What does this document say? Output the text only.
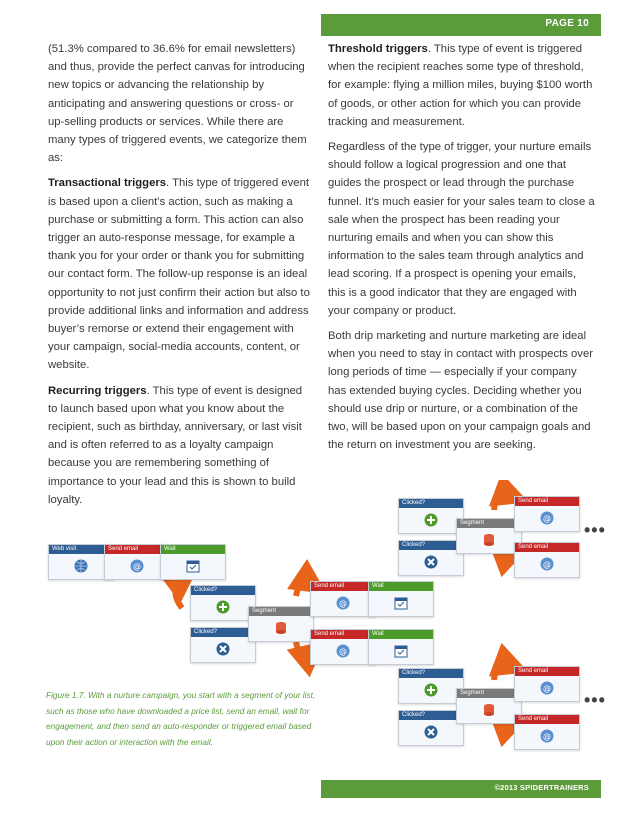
PAGE 10

(51.3% compared to 36.6% for email newsletters) and thus, provide the perfect canvas for introducing new topics or advancing the relationship by anticipating and answering questions or cross- or up-selling products or services. While there are many types of triggered events, we categorize them as:

Transactional triggers. This type of triggered event is based upon a client’s action, such as making a purchase or submitting a form. This action can also trigger an auto-response message, for example a thank you for your order or thank you for submitting our contact form. The follow-up response is an ideal opportunity to not just confirm their action but also to provide additional links and information and address buyer’s remorse or extend their engagement with your campaign, social-media accounts, content, or website.

Recurring triggers. This type of event is designed to launch based upon what you know about the recipient, such as birthday, anniversary, or last visit and is often referred to as a loyalty campaign because you are remembering something of importance to your lead and this is shown to build loyalty.

Threshold triggers. This type of event is triggered when the recipient reaches some type of threshold, for example: flying a million miles, buying $100 worth of goods, or other action for which you can provide tracking and measurement.

Regardless of the type of trigger, your nurture emails should follow a logical progression and one that guides the prospect or lead through the purchase funnel. It’s much easier for your sales team to close a sale when the prospect has been reading your nurturing emails and when you can show this information to the sales team through analytics and lead scoring. If a prospect is opening your emails, this is a good indicator that they are engaged with your company or product.

Both drip marketing and nurture marketing are ideal when you need to stay in contact with prospects over long periods of time — especially if your company has extended buying cycles. Deciding whether you should use drip or nurture, or a combination of the two, will be based upon on your campaign goals and the return on investment you are seeking.

Web visit	Send email
@
Wait
Clicked?
Clicked?
Segment
Send email
@
Wait
Send email
@
Wait
Clicked?
Clicked?
Segment
Send email
@
Send email
@
•••
Clicked?
Clicked?
Segment
Send email
@
Send email
@
•••
Figure 1.7. With a nurture campaign, you start with a segment of your list, such as those who have downloaded a price list, send an email, wait for engagement, and then send an auto-responder or triggered email based upon their action or interaction with the email.
©2013 SPIDERTRAINERS
